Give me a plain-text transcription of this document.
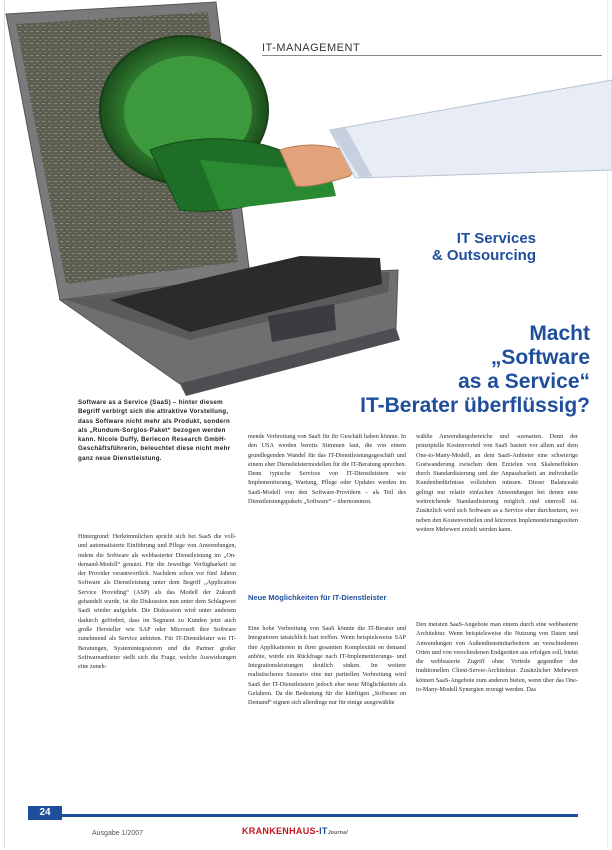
IT-MANAGEMENT
IT Services
& Outsourcing
Macht
„Software
as a Service“
IT-Berater überflüssig?
Software as a Service (SaaS) – hinter diesem Begriff verbirgt sich die attraktive Vorstellung, dass Software nicht mehr als Produkt, sondern als „Rundum-Sorglos-Paket“ bezogen werden kann. Nicole Duffy, Berlecon Research GmbH-Geschäftsführerin, beleuchtet diese nicht mehr ganz neue Dienstleistung.
Hintergrund: Herkömmlichen spricht sich bei SaaS die voll- und automatisierte Einführung und Pflege von Anwendungen, indem die Software als webbasierter Dienstleistung im „On-demand-Modell“ genutzt. Für die Jeweilige Verfügbarkeit ist der Provider verantwortlich. Nachdem schon vor fünf Jahren Software als Dienstleistung unter dem Begriff „Application Service Providing“ (ASP) als das Modell der Zukunft gehandelt wurde, ist die Diskussion nun unter dem Schlagwort SaaS wieder aufgelebt. Die Diskussion wird unter anderem dadurch gefördert, dass im Segment zu Kunden jetzt auch große Hersteller wie SAP oder Microsoft ihre Software zunehmend als Service anbieten. Für IT-Dienstleister wie IT-Beratungen, Systemintegratoren und die Partner großer Softwareanbieter stellt sich die Frage, welche Auswirkungen eine zuneh-
mende Verbreitung von SaaS für ihr Geschäft haben könnte. In den USA werden bereits Stimmen laut, die von einem grundlegenden Wandel für das IT-Dienstleistungsgeschäft und einem eher Dienstleistermodellen für die IT-Beratung sprechen. Denn typische Services von IT-Dienstleistern wie Implementierung, Wartung, Pflege oder Updates werden im SaaS-Modell von den Software-Providern – als Teil des Dienstleistungspakets „Software“ – übernommen.
Neue Möglichkeiten für IT-Dienstleister
Eine hohe Verbreitung von SaaS könnte die IT-Berater und Integratoren tatsächlich hart treffen. Wenn beispielsweise SAP ihre Applikationen in ihrer gesamten Komplexität on demand anböte, würde ein Rückfrage nach IT-Implementierungs- und Integrationsleistungen deutlich sinken. Im weitere realistischeres Szenario eine nur partiellen Verbreitung wird SaaS der IT-Dienstleistern jedoch eher neue Möglichkeiten als Gefahren. Da die Bedeutung für die künftigen „Software on Demand“ eignen sich allerdings nur für einige ausgewählte
wählte Anwendungsbereiche und -szenarien. Denn der prinzipielle Kostenvorteil von SaaS basiert vor allem auf dem One-to-Many-Modell, an dem SaaS-Anbieter eine schwierige Gratwanderung zwischen dem Erzielen von Skaleneffekten durch Standardisierung und der Anpassbarkeit an individuelle Kundenbedürfnisse vollziehen müssen. Dieser Balanceakt gelingt nur relativ einfachen Anwendungen bei denen eine weitreichende Standardisierung möglich und sinnvoll ist. Zusätzlich wird sich Software as a Service eher durchsetzen, wo neben den Kostenvorteilen und kürzeren Implementierungszeiten weitere Mehrwert erzielt werden kann.
Den meisten SaaS-Angebote man einem durch eine webbasierte Architektur. Wenn beispielsweise die Nutzung von Daten und Anwendungen von Außendienstmitarbeitern an verschiedenen Orten und von verschiedenen Endgeräten aus erfolgen soll, bietet die webbasierte Zugriff ohne Vorteile gegenüber der traditionellen Client-Server-Architektur. Zusätzlicher Mehrwert können SaaS-Angebote zum anderen bieten, wenn über das One-to-Many-Modell Synergien erzeugt werden. Das
24
Ausgabe 1/2007	KRANKENHAUS-ITJournal
